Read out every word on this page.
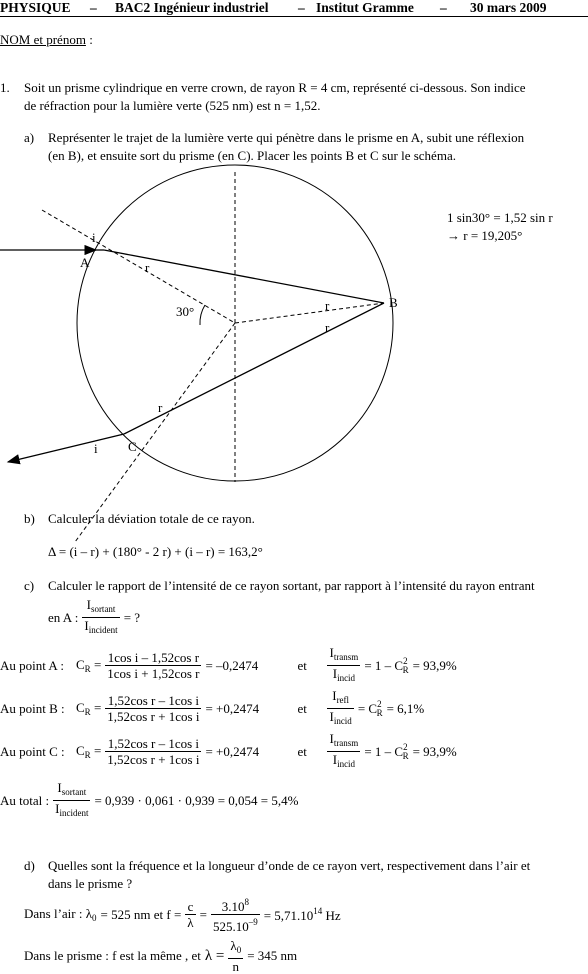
PHYSIQUE – BAC2 Ingénieur industriel – Institut Gramme – 30 mars 2009
NOM et prénom :
1. Soit un prisme cylindrique en verre crown, de rayon R = 4 cm, représenté ci-dessous. Son indice
de réfraction pour la lumière verte (525 nm) est n = 1,52.
a) Représenter le trajet de la lumière verte qui pénètre dans le prisme en A, subit une réflexion
(en B), et ensuite sort du prisme (en C). Placer les points B et C sur le schéma.
1 sin30° = 1,52 sin r
→ r = 19,205°
i
A	r
30°	r
r
B
r
i C
b) Calculer la déviation totale de ce rayon.
Δ = (i – r) + (180° - 2 r) + (i – r) = 163,2°
c) Calculer le rapport de l’intensité de ce rayon sortant, par rapport à l’intensité du rayon entrant
en A : $\frac{I_{sortant}}{I_{incident}}$ = ?
Au point A : $C_R = \frac{\text{1cos i – 1,52cos r}}{\text{1cos i + 1,52cos r}} = -0,2474$	et	$\frac{I_{transm}}{I_{incid}} = 1 - C^2_R = 93,9\%$
Au point B : $C_R = \frac{\text{1,52cos r – 1cos i}}{\text{1,52cos r + 1cos i}} = +0,2474$	et	$\frac{I_{refl}}{I_{incid}} = C^2_R = 6,1\%$
Au point C : $C_R = \frac{\text{1,52cos r – 1cos i}}{\text{1,52cos r + 1cos i}} = +0,2474$	et	$\frac{I_{transm}}{I_{incid}} = 1 - C^2_R = 93,9\%$
Au total : $\frac{I_{sortant}}{I_{incident}} = 0,939 \cdot 0,061 \cdot 0,939 = 0,054 = 5,4\%$
d) Quelles sont la fréquence et la longueur d’onde de ce rayon vert, respectivement dans l’air et
dans le prisme ?
Dans l’air : $\lambda_0 = 525$ nm et $f = \frac{c}{\lambda} = \frac{3.10^8}{525.10^{-9}} = 5,71.10^{14}$ Hz
Dans le prisme : f est la même , et $\lambda = \frac{\lambda_0}{n} = 345$ nm
